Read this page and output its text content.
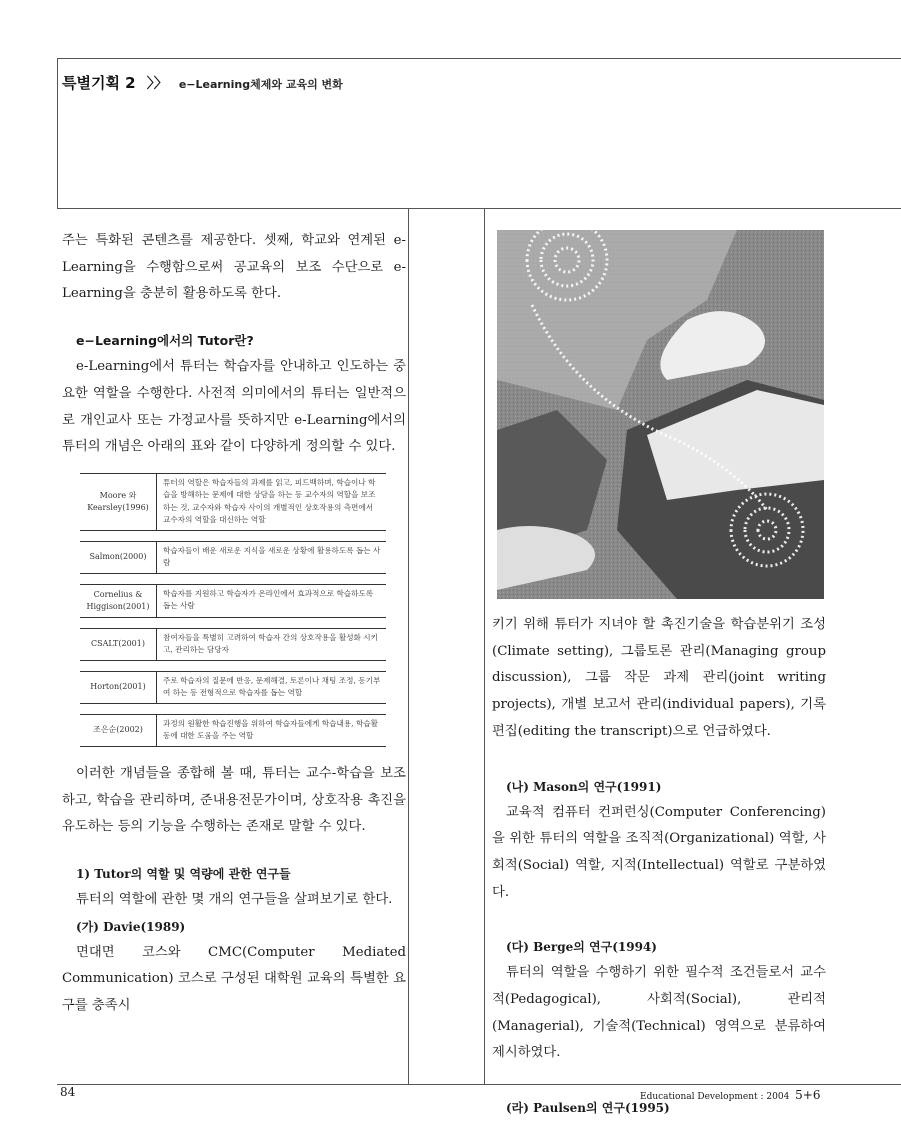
특별기획 2 〉〉 e−Learning체제와 교육의 변화

주는 특화된 콘텐츠를 제공한다. 셋째, 학교와 연계된 e-Learning을 수행함으로써 공교육의 보조 수단으로 e-Learning을 충분히 활용하도록 한다.

e−Learning에서의 Tutor란?

e-Learning에서 튜터는 학습자를 안내하고 인도하는 중요한 역할을 수행한다. 사전적 의미에서의 튜터는 일반적으로 개인교사 또는 가정교사를 뜻하지만 e-Learning에서의 튜터의 개념은 아래의 표와 같이 다양하게 정의할 수 있다.

Moore 와 Kearsley(1996)
튜터의 역할은 학습자들의 과제를 읽고, 피드백하며, 학습이나 학습을 방해하는 문제에 대한 상담을 하는 등 교수자의 역할을 보조하는 것, 교수자와 학습자 사이의 개별적인 상호작용의 측면에서 교수자의 역할을 대신하는 역할
Salmon(2000)
학습자들이 배운 새로운 지식을 새로운 상황에 활용하도록 돕는 사람
Cornelius & Higgison(2001)
학습자를 지원하고 학습자가 온라인에서 효과적으로 학습하도록 돕는 사람
CSALT(2001)
참여자들을 특별히 고려하여 학습자 간의 상호작용을 활성화 시키고, 관리하는 담당자
Horton(2001)
주로 학습자의 질문에 반응, 문제해결, 토론이나 채팅 조정, 동기부여 하는 등 전형적으로 학습자를 돕는 역할
조은순(2002)
과정의 원활한 학습진행을 위하여 학습자들에게 학습내용, 학습활동에 대한 도움을 주는 역할

이러한 개념들을 종합해 볼 때, 튜터는 교수-학습을 보조하고, 학습을 관리하며, 준내용전문가이며, 상호작용 촉진을 유도하는 등의 기능을 수행하는 존재로 말할 수 있다.

1) Tutor의 역할 및 역량에 관한 연구들

튜터의 역할에 관한 몇 개의 연구들을 살펴보기로 한다.

(가) Davie(1989)

면대면 코스와 CMC(Computer Mediated Communication) 코스로 구성된 대학원 교육의 특별한 요구를 충족시

키기 위해 튜터가 지녀야 할 촉진기술을 학습분위기 조성(Climate setting), 그룹토론 관리(Managing group discussion), 그룹 작문 과제 관리(joint writing projects), 개별 보고서 관리(individual papers), 기록 편집(editing the transcript)으로 언급하였다.

(나) Mason의 연구(1991)

교육적 컴퓨터 컨퍼런싱(Computer Conferencing)을 위한 튜터의 역할을 조직적(Organizational) 역할, 사회적(Social) 역할, 지적(Intellectual) 역할로 구분하였다.

(다) Berge의 연구(1994)

튜터의 역할을 수행하기 위한 필수적 조건들로서 교수적(Pedagogical), 사회적(Social), 관리적(Managerial), 기술적(Technical) 영역으로 분류하여 제시하였다.

(라) Paulsen의 연구(1995)

84	Educational Development : 2004 5+6
